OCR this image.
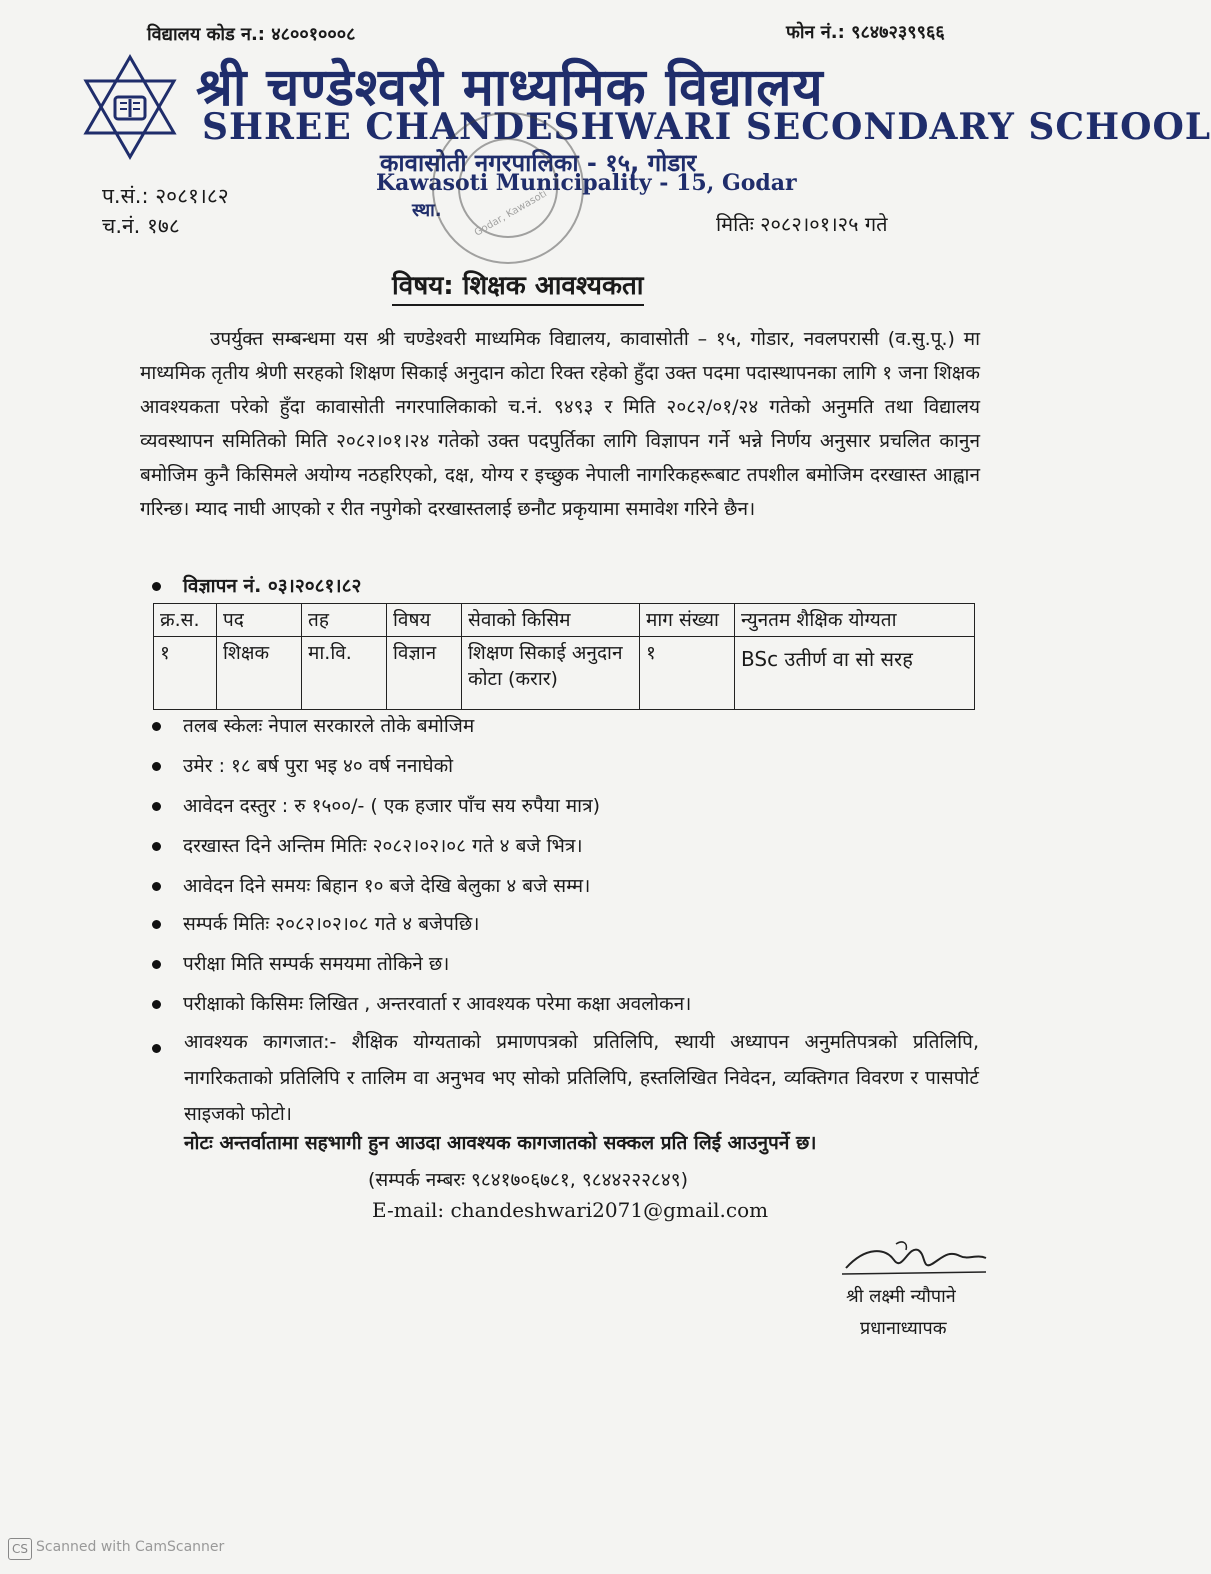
विद्यालय कोड न.: ४८००१०००८	फोन नं.: ९८४७२३९९६६
श्री चण्डेश्वरी माध्यमिक विद्यालय
SHREE CHANDESHWARI SECONDARY SCHOOL
कावासोती नगरपालिका - १५, गोडार
Kawasoti Municipality - 15, Godar
स्था.	Godar, Kawasoti
प.सं.: २०८१।८२
च.नं. १७८	मितिः २०८२।०१।२५ गते
विषय: शिक्षक आवश्यकता

उपर्युक्त सम्बन्धमा यस श्री चण्डेश्वरी माध्यमिक विद्यालय, कावासोती – १५, गोडार, नवलपरासी (व.सु.पू.) मा माध्यमिक तृतीय श्रेणी सरहको शिक्षण सिकाई अनुदान कोटा रिक्त रहेको हुँदा उक्त पदमा पदास्थापनका लागि १ जना शिक्षक आवश्यकता परेको हुँदा कावासोती नगरपालिकाको च.नं. ९४९३ र मिति २०८२/०१/२४ गतेको अनुमति तथा विद्यालय व्यवस्थापन समितिको मिति २०८२।०१।२४ गतेको उक्त पदपुर्तिका लागि विज्ञापन गर्ने भन्ने निर्णय अनुसार प्रचलित कानुन बमोजिम कुनै किसिमले अयोग्य नठहरिएको, दक्ष, योग्य र इच्छुक नेपाली नागरिकहरूबाट तपशील बमोजिम दरखास्त आह्वान गरिन्छ। म्याद नाघी आएको र रीत नपुगेको दरखास्तलाई छनौट प्रकृयामा समावेश गरिने छैन।

विज्ञापन नं. ०३।२०८१।८२
क्र.स.	पद	तह	विषय	सेवाको किसिम	माग संख्या	न्युनतम शैक्षिक योग्यता
१	शिक्षक	मा.वि.	विज्ञान	शिक्षण सिकाई अनुदान कोटा (करार)	१	BSc उतीर्ण वा सो सरह
तलब स्केलः नेपाल सरकारले तोके बमोजिम
उमेर : १८ बर्ष पुरा भइ ४० वर्ष ननाघेको
आवेदन दस्तुर : रु १५००/- ( एक हजार पाँच सय रुपैया मात्र)
दरखास्त दिने अन्तिम मितिः २०८२।०२।०८ गते ४ बजे भित्र।
आवेदन दिने समयः बिहान १० बजे देखि बेलुका ४ बजे सम्म।
सम्पर्क मितिः २०८२।०२।०८ गते ४ बजेपछि।
परीक्षा मिति सम्पर्क समयमा तोकिने छ।
परीक्षाको किसिमः लिखित , अन्तरवार्ता र आवश्यक परेमा कक्षा अवलोकन।
आवश्यक कागजात:- शैक्षिक योग्यताको प्रमाणपत्रको प्रतिलिपि, स्थायी अध्यापन अनुमतिपत्रको प्रतिलिपि, नागरिकताको प्रतिलिपि र तालिम वा अनुभव भए सोको प्रतिलिपि, हस्तलिखित निवेदन, व्यक्तिगत विवरण र पासपोर्ट साइजको फोटो।
नोटः अन्तर्वातामा सहभागी हुन आउदा आवश्यक कागजातको सक्कल प्रति लिई आउनुपर्ने छ।
(सम्पर्क नम्बरः ९८४१७०६७८१, ९८४४२२२८४९)
E-mail: chandeshwari2071@gmail.com
श्री लक्ष्मी न्यौपाने
प्रधानाध्यापक
CS Scanned with CamScanner
